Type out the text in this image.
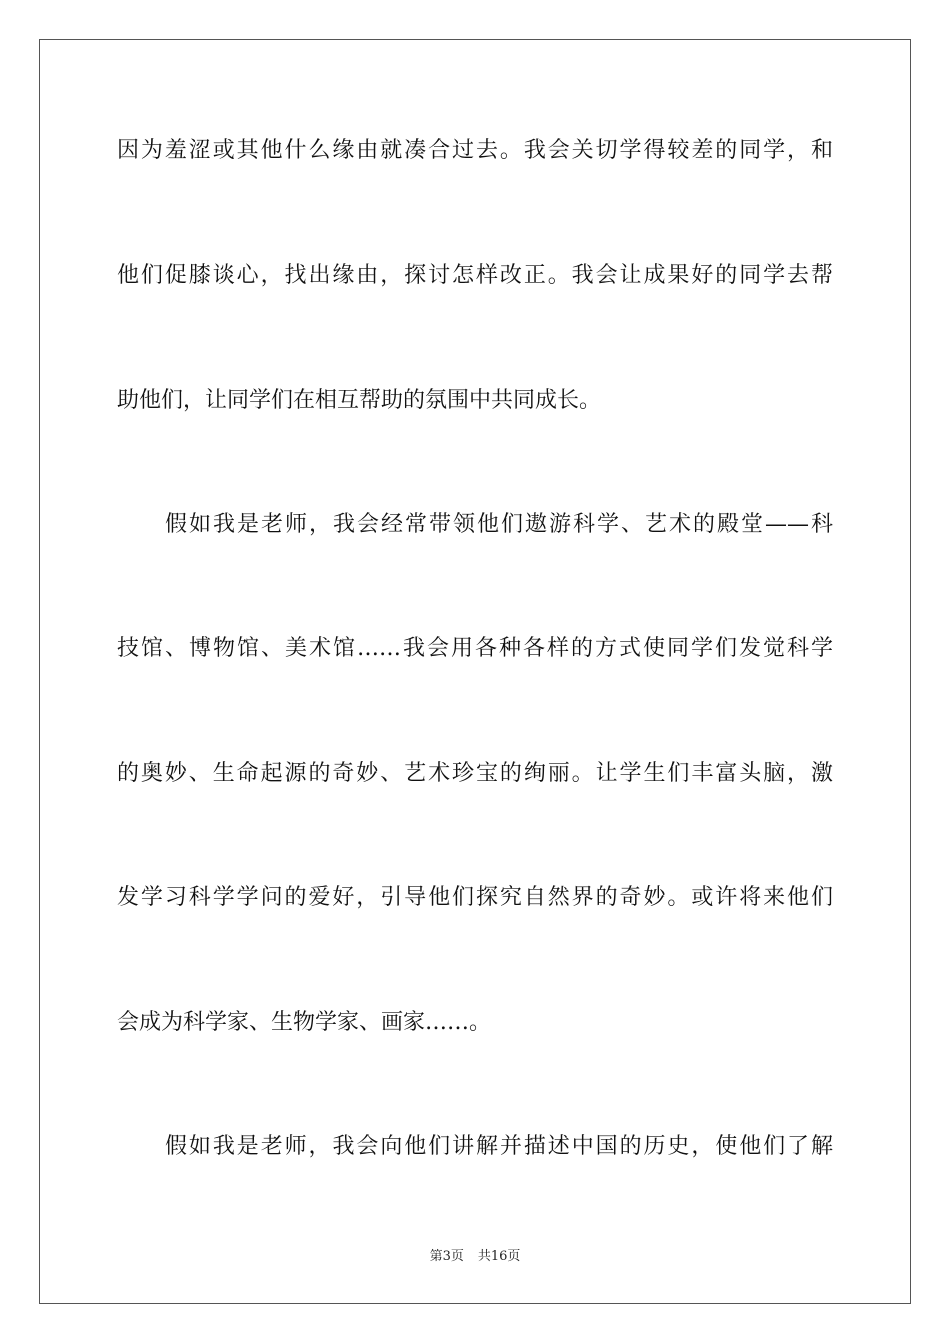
因为羞涩或其他什么缘由就凑合过去。我会关切学得较差的同学，和
他们促膝谈心，找出缘由，探讨怎样改正。我会让成果好的同学去帮
助他们，让同学们在相互帮助的氛围中共同成长。
假如我是老师，我会经常带领他们遨游科学、艺术的殿堂——科
技馆、博物馆、美术馆……我会用各种各样的方式使同学们发觉科学
的奥妙、生命起源的奇妙、艺术珍宝的绚丽。让学生们丰富头脑，激
发学习科学学问的爱好，引导他们探究自然界的奇妙。或许将来他们
会成为科学家、生物学家、画家……。
假如我是老师，我会向他们讲解并描述中国的历史，使他们了解
第3页 共16页
